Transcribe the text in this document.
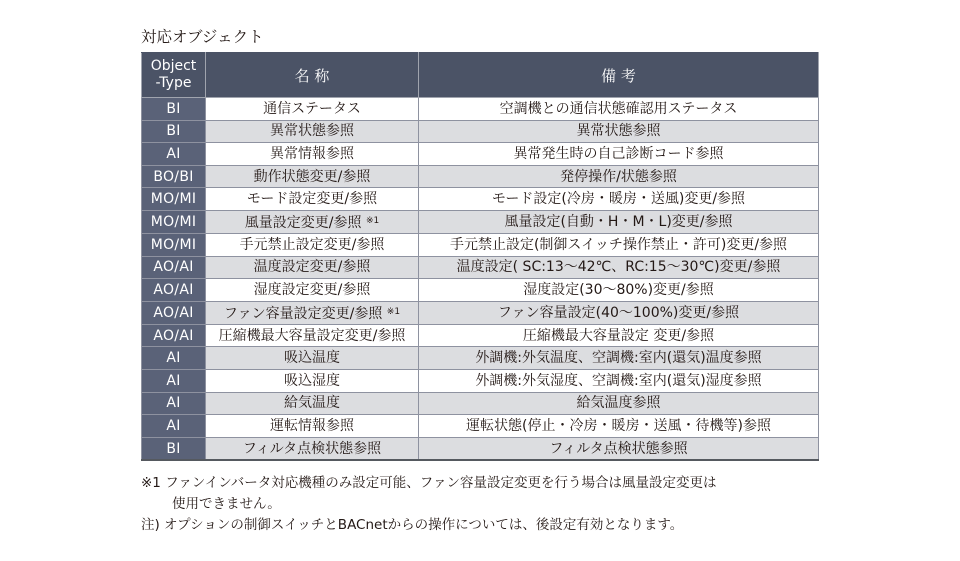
対応オブジェクト
Object
-Type	名 称	備 考
BI	通信ステータス	空調機との通信状態確認用ステータス
BI	異常状態参照	異常状態参照
AI	異常情報参照	異常発生時の自己診断コード参照
BO/BI	動作状態変更/参照	発停操作/状態参照
MO/MI	モード設定変更/参照	モード設定(冷房・暖房・送風)変更/参照
MO/MI	風量設定変更/参照 $^{※1}$	風量設定(自動・H・M・L)変更/参照
MO/MI	手元禁止設定変更/参照	手元禁止設定(制御スイッチ操作禁止・許可)変更/参照
AO/AI	温度設定変更/参照	温度設定( SC:13～42℃、RC:15～30℃)変更/参照
AO/AI	湿度設定変更/参照	湿度設定(30～80%)変更/参照
AO/AI	ファン容量設定変更/参照 $^{※1}$	ファン容量設定(40～100%)変更/参照
AO/AI	圧縮機最大容量設定変更/参照	圧縮機最大容量設定 変更/参照
AI	吸込温度	外調機:外気温度、空調機:室内(還気)温度参照
AI	吸込湿度	外調機:外気湿度、空調機:室内(還気)湿度参照
AI	給気温度	給気温度参照
AI	運転情報参照	運転状態(停止・冷房・暖房・送風・待機等)参照
BI	フィルタ点検状態参照	フィルタ点検状態参照
※1 ファンインバータ対応機種のみ設定可能、ファン容量設定変更を行う場合は風量設定変更は
使用できません。
注) オプションの制御スイッチとBACnetからの操作については、後設定有効となります。
